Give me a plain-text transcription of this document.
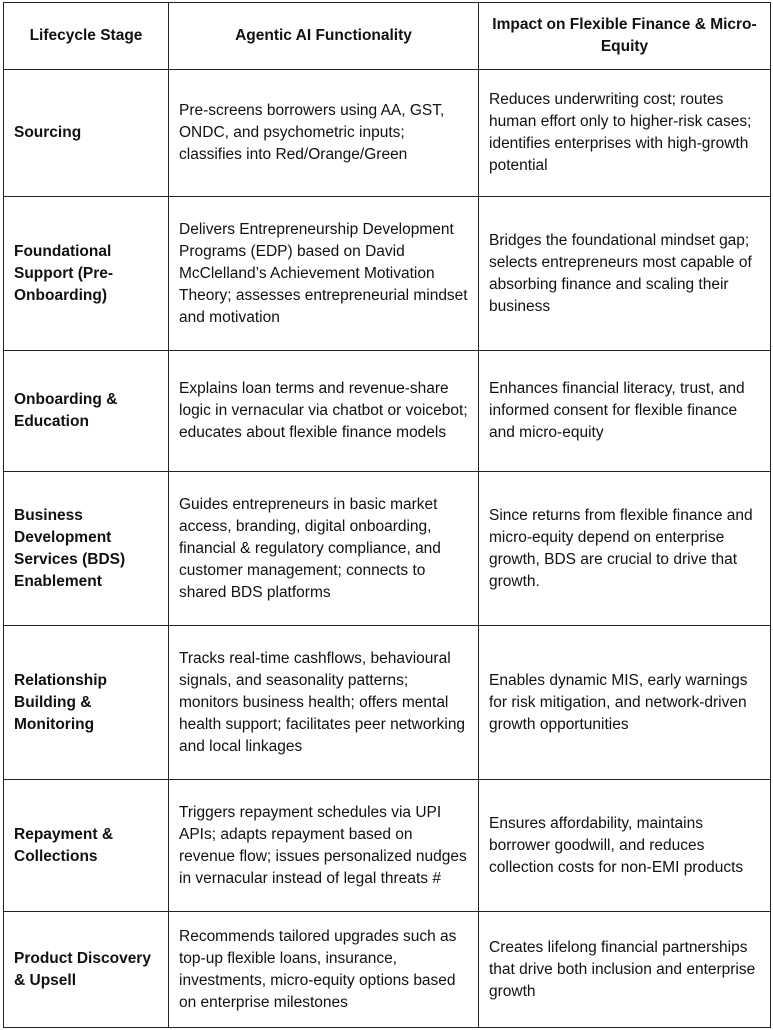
Lifecycle Stage	Agentic AI Functionality	Impact on Flexible Finance & Micro-Equity
Sourcing	Pre-screens borrowers using AA, GST, ONDC, and psychometric inputs; classifies into Red/Orange/Green	Reduces underwriting cost; routes human effort only to higher-risk cases; identifies enterprises with high-growth potential
Foundational Support (Pre-Onboarding)	Delivers Entrepreneurship Development Programs (EDP) based on David McClelland’s Achievement Motivation Theory; assesses entrepreneurial mindset and motivation	Bridges the foundational mindset gap; selects entrepreneurs most capable of absorbing finance and scaling their business
Onboarding & Education	Explains loan terms and revenue-share logic in vernacular via chatbot or voicebot; educates about flexible finance models	Enhances financial literacy, trust, and informed consent for flexible finance and micro-equity
Business Development Services (BDS) Enablement	Guides entrepreneurs in basic market access, branding, digital onboarding, financial & regulatory compliance, and customer management; connects to shared BDS platforms	Since returns from flexible finance and micro-equity depend on enterprise growth, BDS are crucial to drive that growth.
Relationship Building & Monitoring	Tracks real-time cashflows, behavioural signals, and seasonality patterns; monitors business health; offers mental health support; facilitates peer networking and local linkages	Enables dynamic MIS, early warnings for risk mitigation, and network-driven growth opportunities
Repayment & Collections	Triggers repayment schedules via UPI APIs; adapts repayment based on revenue flow; issues personalized nudges in vernacular instead of legal threats #	Ensures affordability, maintains borrower goodwill, and reduces collection costs for non-EMI products
Product Discovery & Upsell	Recommends tailored upgrades such as top-up flexible loans, insurance, investments, micro-equity options based on enterprise milestones	Creates lifelong financial partnerships that drive both inclusion and enterprise growth
